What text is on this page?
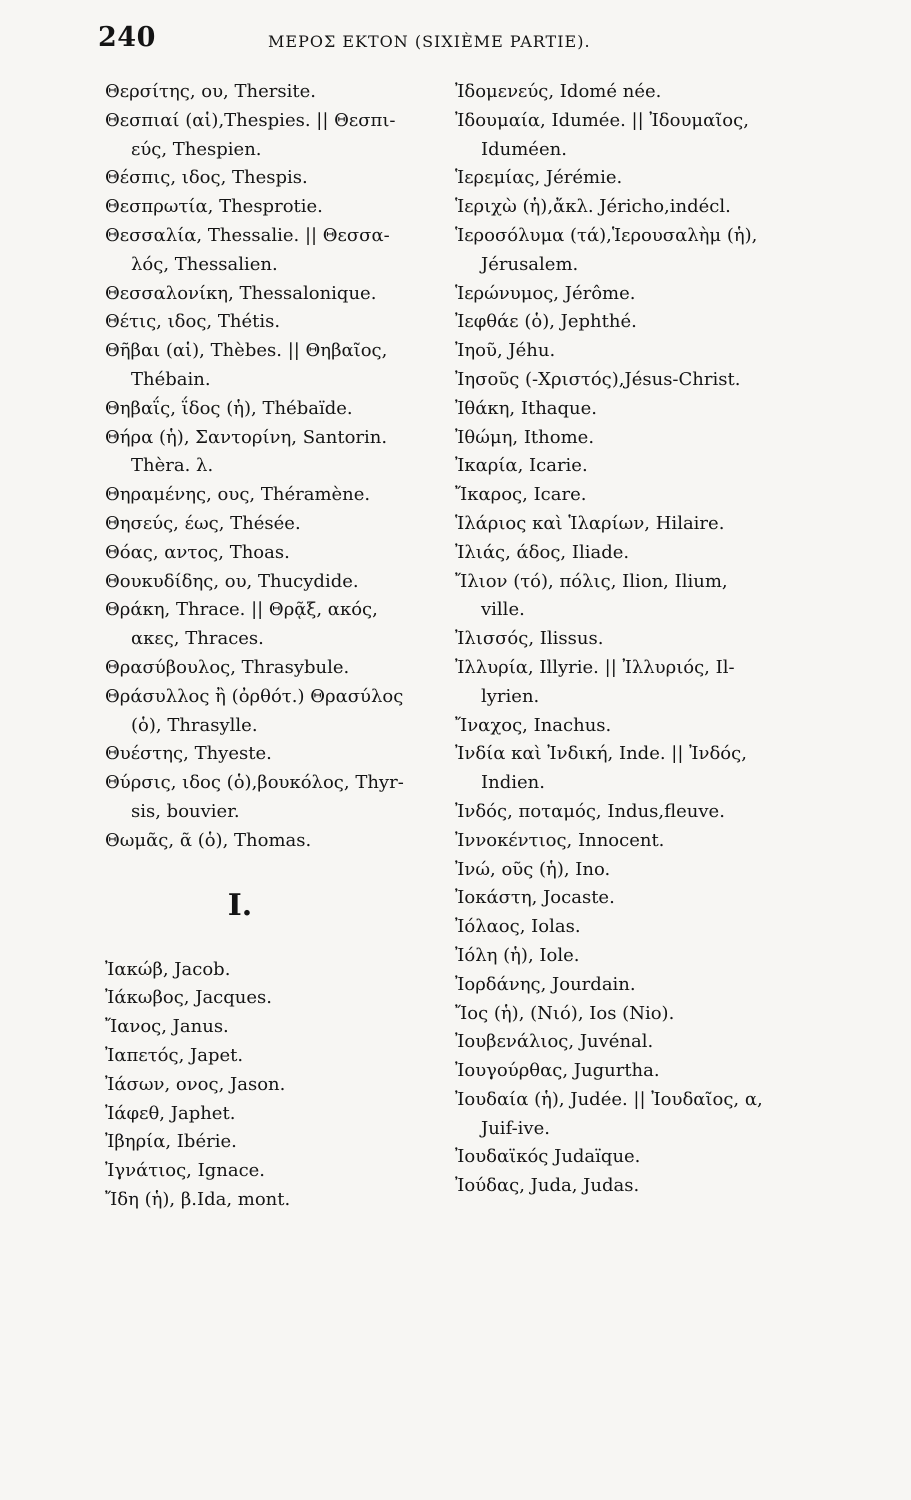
240	ΜΕΡΟΣ ΕΚΤΟΝ (SIXIÈME PARTIE).
Θερσίτης, ου, Thersite.
Θεσπιαί (αἱ),Thespies. || Θεσπι-
εύς, Thespien.
Θέσπις, ιδος, Thespis.
Θεσπρωτία, Thesprotie.
Θεσσαλία, Thessalie. || Θεσσα-
λός, Thessalien.
Θεσσαλονίκη, Thessalonique.
Θέτις, ιδος, Thétis.
Θῆβαι (αἱ), Thèbes. || Θηβαῖος,
Thébain.
Θηβαΐς, ΐδος (ἡ), Thébaïde.
Θήρα (ἡ), Σαντορίνη, Santorin.
Thèra. λ.
Θηραμένης, ους, Théramène.
Θησεύς, έως, Thésée.
Θόας, αντος, Thoas.
Θουκυδίδης, ου, Thucydide.
Θράκη, Thrace. || Θρᾷξ, ακός,
ακες, Thraces.
Θρασύβουλος, Thrasybule.
Θράσυλλος ἢ (ὀρθότ.) Θρασύλος
(ὁ), Thrasylle.
Θυέστης, Thyeste.
Θύρσις, ιδος (ὁ),βουκόλος, Thyr-
sis, bouvier.
Θωμᾶς, ᾶ (ὁ), Thomas.
I.
Ἰακώβ, Jacob.
Ἰάκωβος, Jacques.
Ἴανος, Janus.
Ἰαπετός, Japet.
Ἰάσων, ονος, Jason.
Ἰάφεθ, Japhet.
Ἰβηρία, Ibérie.
Ἰγνάτιος, Ignace.
Ἴδη (ἡ), β.Ida, mont.
Ἰδομενεύς, Idomé née.
Ἰδουμαία, Idumée. || Ἰδουμαῖος,
Iduméen.
Ἱερεμίας, Jérémie.
Ἱεριχὼ (ἡ),ἄκλ. Jéricho,indécl.
Ἱεροσόλυμα (τά),Ἱερουσαλὴμ (ἡ),
Jérusalem.
Ἱερώνυμος, Jérôme.
Ἰεφθάε (ὁ), Jephthé.
Ἰηοῦ, Jéhu.
Ἰησοῦς (-Χριστός),Jésus-Christ.
Ἰθάκη, Ithaque.
Ἰθώμη, Ithome.
Ἰκαρία, Icarie.
Ἴκαρος, Icare.
Ἱλάριος καὶ Ἱλαρίων, Hilaire.
Ἰλιάς, άδος, Iliade.
Ἴλιον (τό), πόλις, Ilion, Ilium,
ville.
Ἰλισσός, Ilissus.
Ἰλλυρία, Illyrie. || Ἰλλυριός, Il-
lyrien.
Ἴναχος, Inachus.
Ἰνδία καὶ Ἰνδική, Inde. || Ἰνδός,
Indien.
Ἰνδός, ποταμός, Indus,fleuve.
Ἰννοκέντιος, Innocent.
Ἰνώ, οῦς (ἡ), Ino.
Ἰοκάστη, Jocaste.
Ἰόλαος, Iolas.
Ἰόλη (ἡ), Iole.
Ἰορδάνης, Jourdain.
Ἴος (ἡ), (Νιό), Ios (Nio).
Ἰουβενάλιος, Juvénal.
Ἰουγούρθας, Jugurtha.
Ἰουδαία (ἡ), Judée. || Ἰουδαῖος, α,
Juif-ive.
Ἰουδαϊκός Judaïque.
Ἰούδας, Juda, Judas.
